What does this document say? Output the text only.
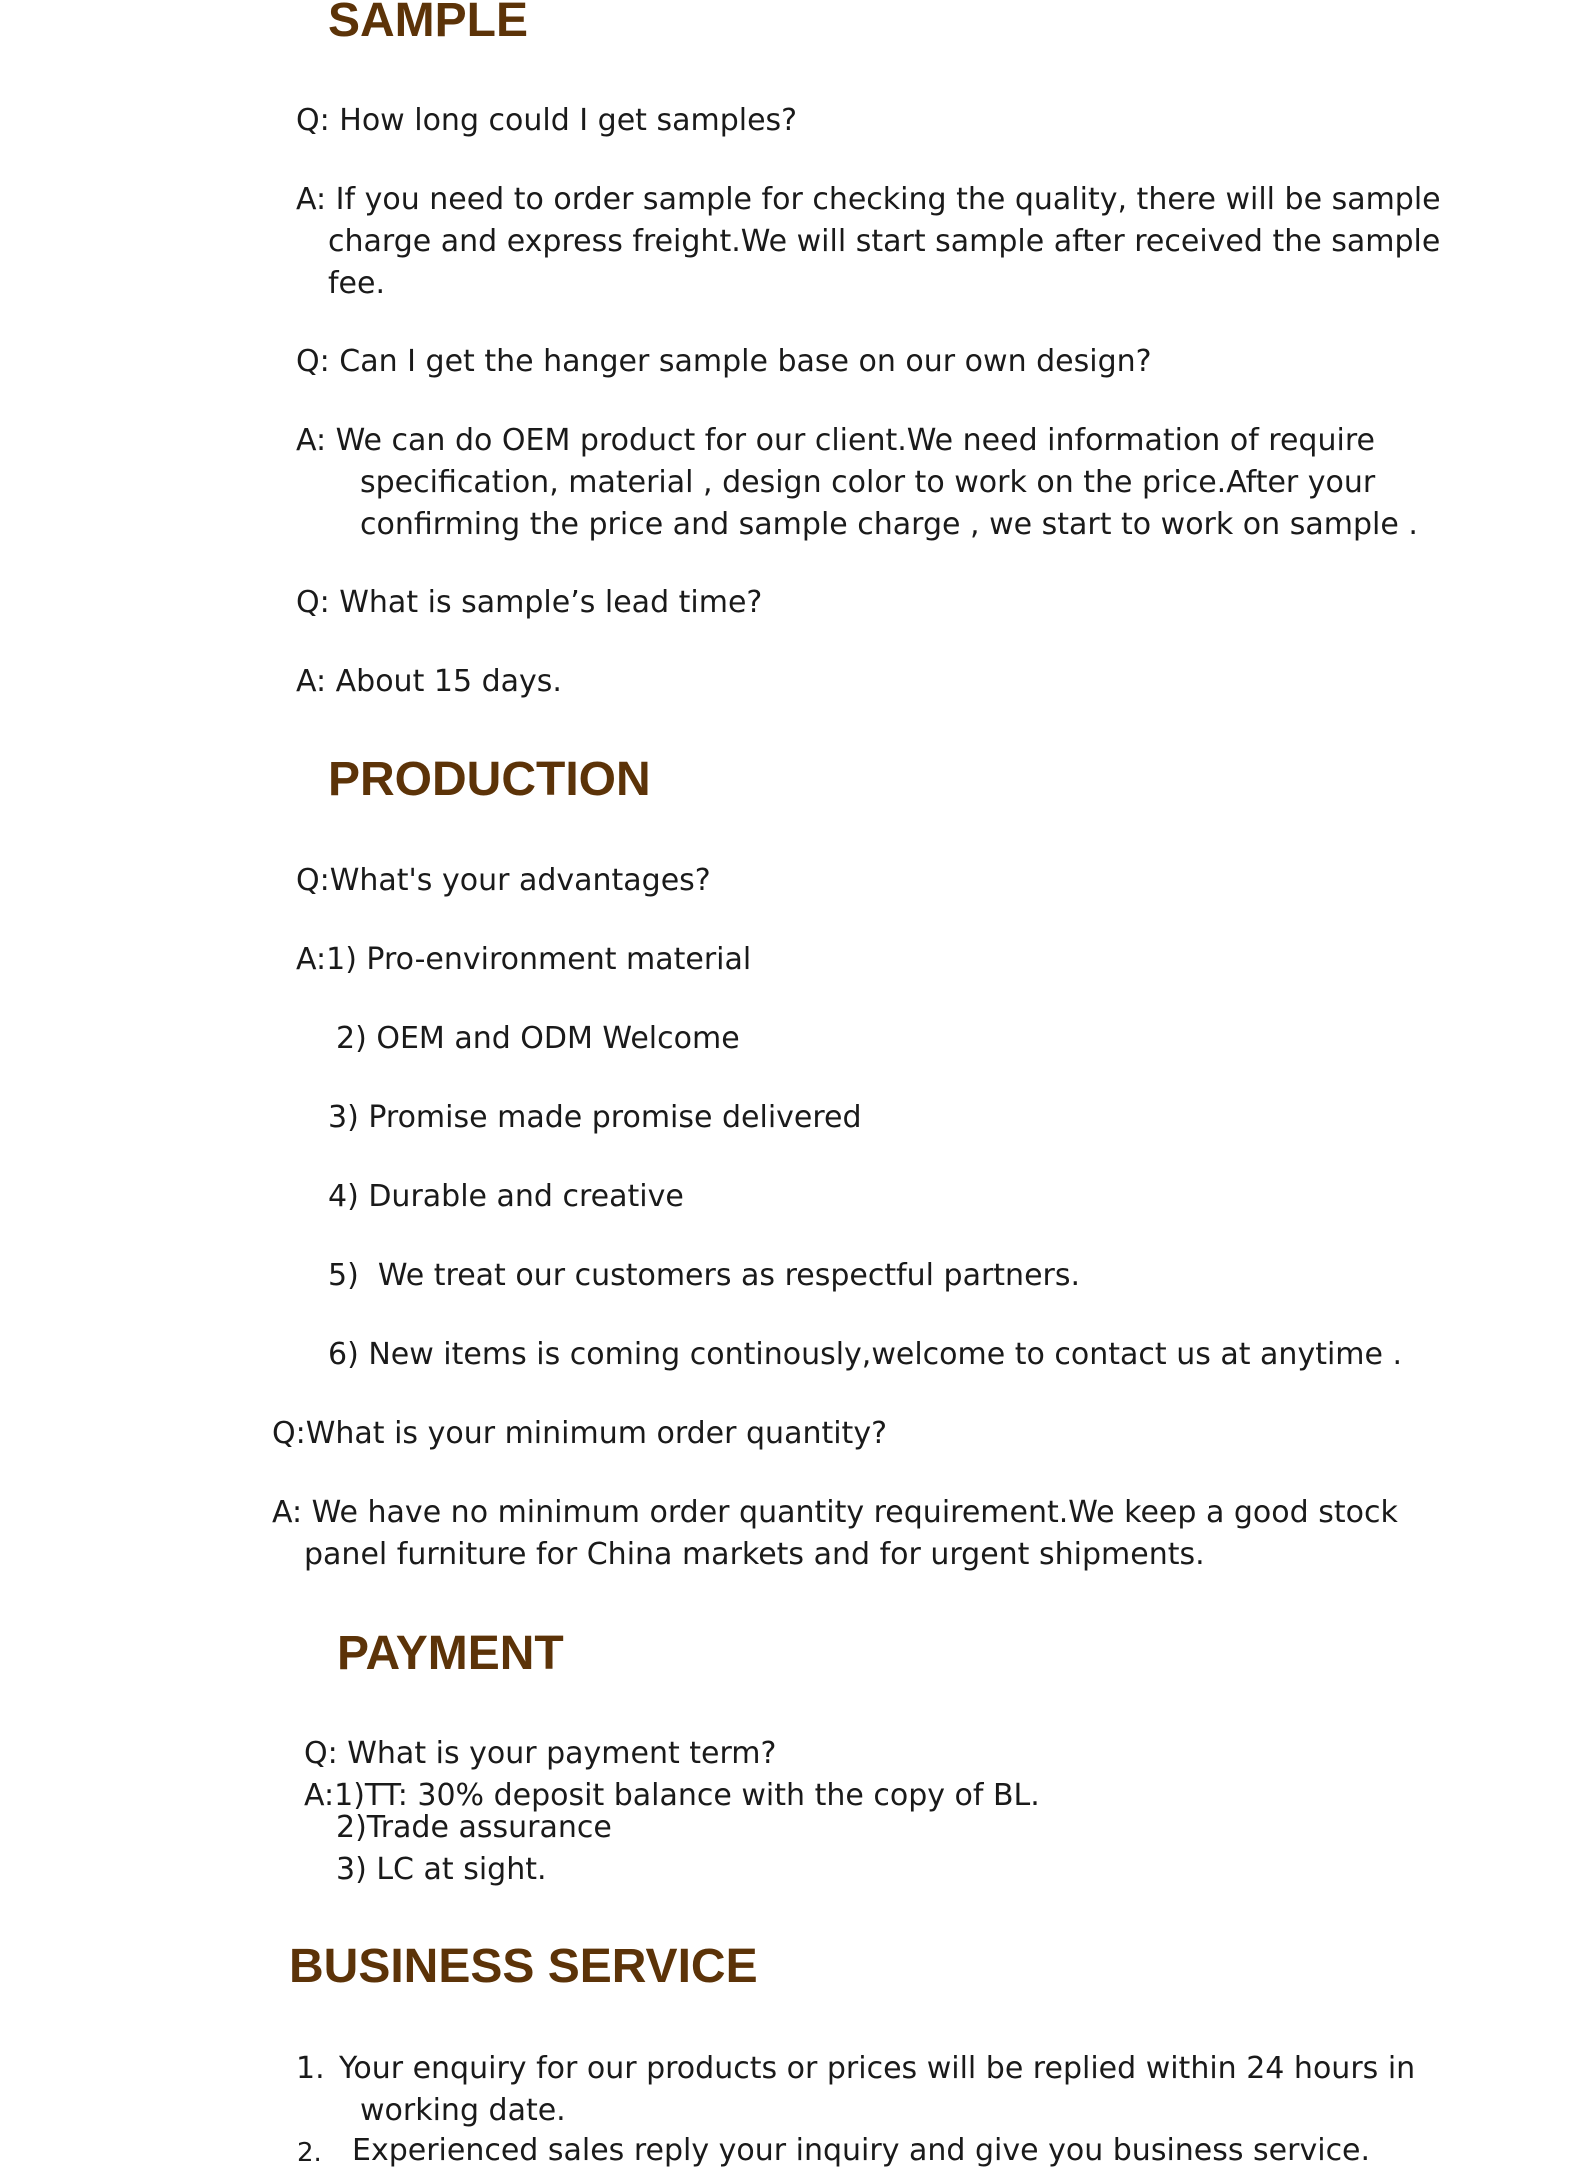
SAMPLE

Q: How long could I get samples?

A: If you need to order sample for checking the quality, there will be sample

charge and express freight.We will start sample after received the sample

fee.

Q: Can I get the hanger sample base on our own design?

A: We can do OEM product for our client.We need information of require

specification, material , design color to work on the price.After your

confirming the price and sample charge , we start to work on sample .

Q: What is sample’s lead time?

A: About 15 days.

PRODUCTION

Q:What's your advantages?

A:1) Pro-environment material

2) OEM and ODM Welcome

3) Promise made promise delivered

4) Durable and creative

5)  We treat our customers as respectful partners.

6) New items is coming continously,welcome to contact us at anytime .

Q:What is your minimum order quantity?

A: We have no minimum order quantity requirement.We keep a good stock

panel furniture for China markets and for urgent shipments.

PAYMENT

Q: What is your payment term?

A:1)TT: 30% deposit balance with the copy of BL.

2)Trade assurance

3) LC at sight.

BUSINESS SERVICE

1. Your enquiry for our products or prices will be replied within 24 hours in

working date.

2. Experienced sales reply your inquiry and give you business service.
